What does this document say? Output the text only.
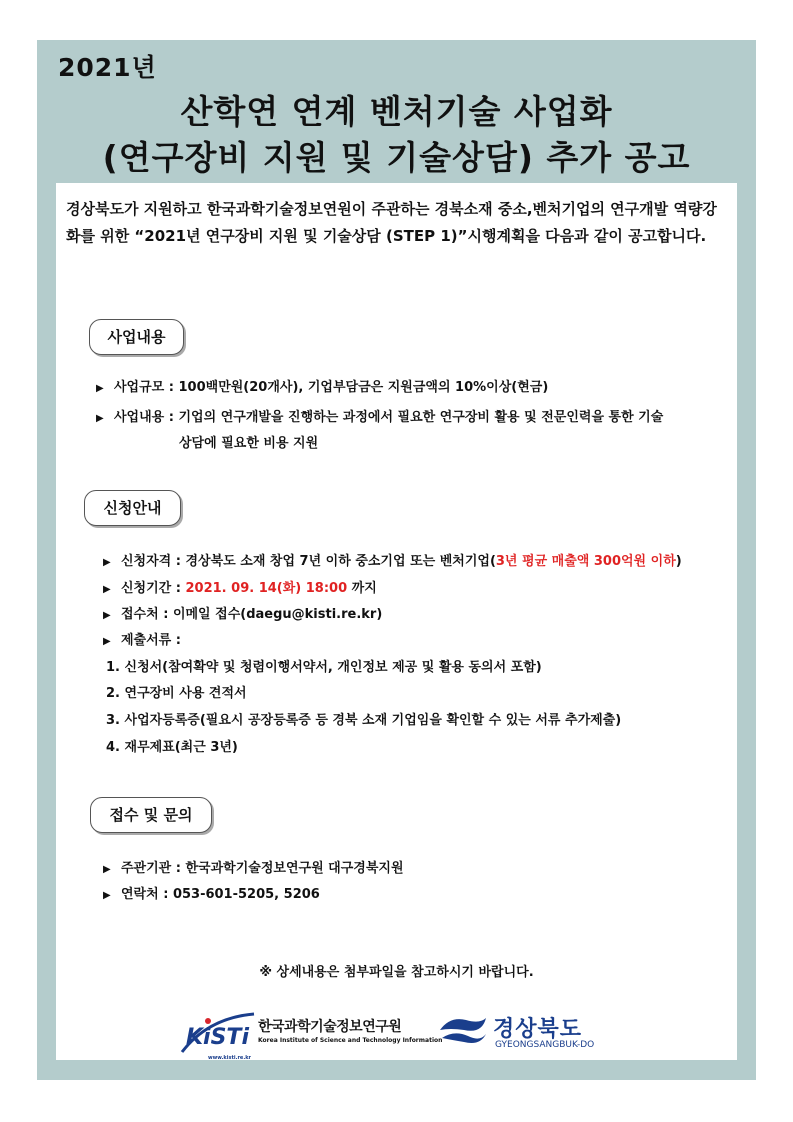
2021년
산학연 연계 벤처기술 사업화
(연구장비 지원 및 기술상담) 추가 공고

경상북도가 지원하고 한국과학기술정보연원이 주관하는 경북소재 중소,벤처기업의 연구개발 역량강화를 위한 “2021년 연구장비 지원 및 기술상담 (STEP 1)”시행계획을 다음과 같이 공고합니다.

사업내용
▶ 사업규모 : 100백만원(20개사), 기업부담금은 지원금액의 10%이상(현금)
▶ 사업내용 : 기업의 연구개발을 진행하는 과정에서 필요한 연구장비 활용 및 전문인력을 통한 기술
상담에 필요한 비용 지원
신청안내
▶ 신청자격 : 경상북도 소재 창업 7년 이하 중소기업 또는 벤처기업(3년 평균 매출액 300억원 이하)
▶ 신청기간 : 2021. 09. 14(화) 18:00 까지
▶ 접수처 : 이메일 접수(daegu@kisti.re.kr)
▶ 제출서류 :
1. 신청서(참여확약 및 청렴이행서약서, 개인정보 제공 및 활용 동의서 포함)
2. 연구장비 사용 견적서
3. 사업자등록증(필요시 공장등록증 등 경북 소재 기업임을 확인할 수 있는 서류 추가제출)
4. 재무제표(최근 3년)
접수 및 문의
▶ 주관기관 : 한국과학기술정보연구원 대구경북지원
▶ 연락처 : 053-601-5205, 5206
※ 상세내용은 첨부파일을 참고하시기 바랍니다.
KiSTi
www.kisti.re.kr
한국과학기술정보연구원
Korea Institute of Science and Technology Information 경상북도
GYEONGSANGBUK-DO
